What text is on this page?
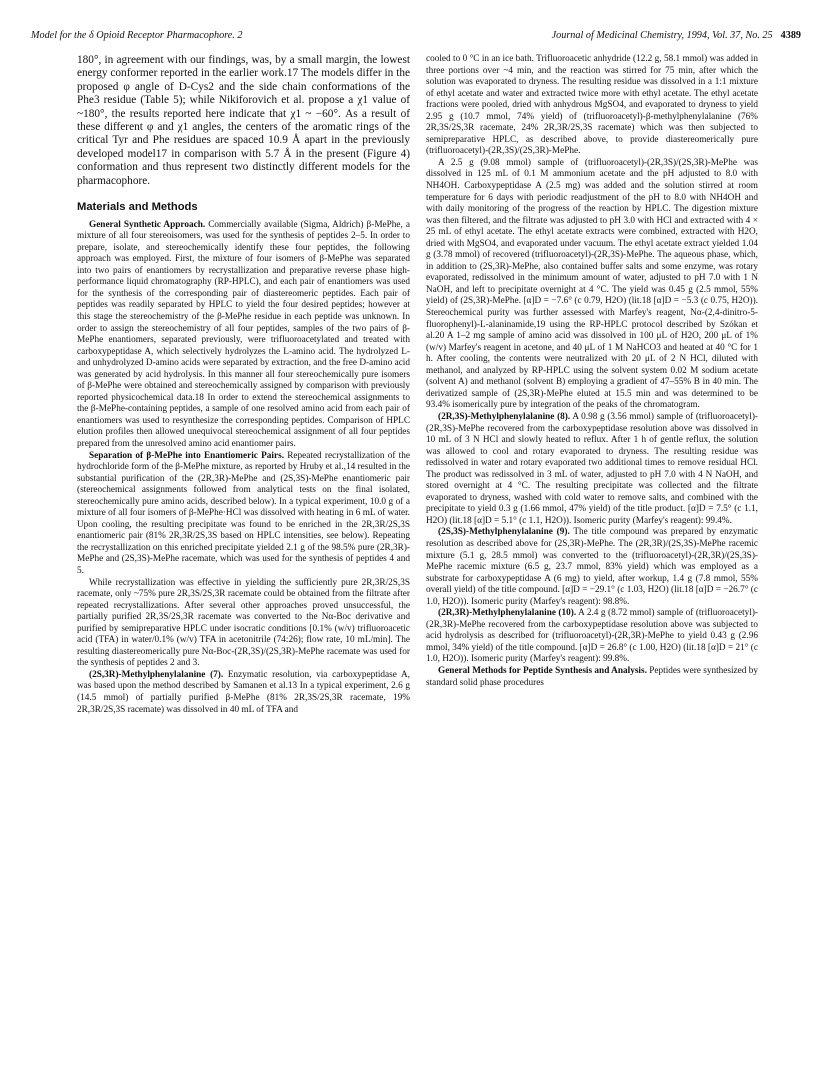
Model for the δ Opioid Receptor Pharmacophore. 2	Journal of Medicinal Chemistry, 1994, Vol. 37, No. 25 4389

180°, in agreement with our findings, was, by a small margin, the lowest energy conformer reported in the earlier work.17 The models differ in the proposed φ angle of D-Cys2 and the side chain conformations of the Phe3 residue (Table 5); while Nikiforovich et al. propose a χ1 value of ~180°, the results reported here indicate that χ1 ~ −60°. As a result of these different φ and χ1 angles, the centers of the aromatic rings of the critical Tyr and Phe residues are spaced 10.9 Å apart in the previously developed model17 in comparison with 5.7 Å in the present (Figure 4) conformation and thus represent two distinctly different models for the pharmacophore.

Materials and Methods

General Synthetic Approach. Commercially available (Sigma, Aldrich) β-MePhe, a mixture of all four stereoisomers, was used for the synthesis of peptides 2–5. In order to prepare, isolate, and stereochemically identify these four peptides, the following approach was employed. First, the mixture of four isomers of β-MePhe was separated into two pairs of enantiomers by recrystallization and preparative reverse phase high-performance liquid chromatography (RP-HPLC), and each pair of enantiomers was used for the synthesis of the corresponding pair of diastereomeric peptides. Each pair of peptides was readily separated by HPLC to yield the four desired peptides; however at this stage the stereochemistry of the β-MePhe residue in each peptide was unknown. In order to assign the stereochemistry of all four peptides, samples of the two pairs of β-MePhe enantiomers, separated previously, were trifluoroacetylated and treated with carboxypeptidase A, which selectively hydrolyzes the L-amino acid. The hydrolyzed L- and unhydrolyzed D-amino acids were separated by extraction, and the free D-amino acid was generated by acid hydrolysis. In this manner all four stereochemically pure isomers of β-MePhe were obtained and stereochemically assigned by comparison with previously reported physicochemical data.18 In order to extend the stereochemical assignments to the β-MePhe-containing peptides, a sample of one resolved amino acid from each pair of enantiomers was used to resynthesize the corresponding peptides. Comparison of HPLC elution profiles then allowed unequivocal stereochemical assignment of all four peptides prepared from the unresolved amino acid enantiomer pairs.

Separation of β-MePhe into Enantiomeric Pairs. Repeated recrystallization of the hydrochloride form of the β-MePhe mixture, as reported by Hruby et al.,14 resulted in the substantial purification of the (2R,3R)-MePhe and (2S,3S)-MePhe enantiomeric pair (stereochemical assignments followed from analytical tests on the final isolated, stereochemically pure amino acids, described below). In a typical experiment, 10.0 g of a mixture of all four isomers of β-MePhe·HCl was dissolved with heating in 6 mL of water. Upon cooling, the resulting precipitate was found to be enriched in the 2R,3R/2S,3S enantiomeric pair (81% 2R,3R/2S,3S based on HPLC intensities, see below). Repeating the recrystallization on this enriched precipitate yielded 2.1 g of the 98.5% pure (2R,3R)-MePhe and (2S,3S)-MePhe racemate, which was used for the synthesis of peptides 4 and 5.

While recrystallization was effective in yielding the sufficiently pure 2R,3R/2S,3S racemate, only ~75% pure 2R,3S/2S,3R racemate could be obtained from the filtrate after repeated recrystallizations. After several other approaches proved unsuccessful, the partially purified 2R,3S/2S,3R racemate was converted to the Nα-Boc derivative and purified by semipreparative HPLC under isocratic conditions [0.1% (w/v) trifluoroacetic acid (TFA) in water/0.1% (w/v) TFA in acetonitrile (74:26); flow rate, 10 mL/min]. The resulting diastereomerically pure Nα-Boc-(2R,3S)/(2S,3R)-MePhe racemate was used for the synthesis of peptides 2 and 3.

(2S,3R)-Methylphenylalanine (7). Enzymatic resolution, via carboxypeptidase A, was based upon the method described by Samanen et al.13 In a typical experiment, 2.6 g (14.5 mmol) of partially purified β-MePhe (81% 2R,3S/2S,3R racemate, 19% 2R,3R/2S,3S racemate) was dissolved in 40 mL of TFA and

cooled to 0 °C in an ice bath. Trifluoroacetic anhydride (12.2 g, 58.1 mmol) was added in three portions over ~4 min, and the reaction was stirred for 75 min, after which the solution was evaporated to dryness. The resulting residue was dissolved in a 1:1 mixture of ethyl acetate and water and extracted twice more with ethyl acetate. The ethyl acetate fractions were pooled, dried with anhydrous MgSO4, and evaporated to dryness to yield 2.95 g (10.7 mmol, 74% yield) of (trifluoroacetyl)-β-methylphenylalanine (76% 2R,3S/2S,3R racemate, 24% 2R,3R/2S,3S racemate) which was then subjected to semipreparative HPLC, as described above, to provide diastereomerically pure (trifluoroacetyl)-(2R,3S)/(2S,3R)-MePhe.

A 2.5 g (9.08 mmol) sample of (trifluoroacetyl)-(2R,3S)/(2S,3R)-MePhe was dissolved in 125 mL of 0.1 M ammonium acetate and the pH adjusted to 8.0 with NH4OH. Carboxypeptidase A (2.5 mg) was added and the solution stirred at room temperature for 6 days with periodic readjustment of the pH to 8.0 with NH4OH and with daily monitoring of the progress of the reaction by HPLC. The digestion mixture was then filtered, and the filtrate was adjusted to pH 3.0 with HCl and extracted with 4 × 25 mL of ethyl acetate. The ethyl acetate extracts were combined, extracted with H2O, dried with MgSO4, and evaporated under vacuum. The ethyl acetate extract yielded 1.04 g (3.78 mmol) of recovered (trifluoroacetyl)-(2R,3S)-MePhe. The aqueous phase, which, in addition to (2S,3R)-MePhe, also contained buffer salts and some enzyme, was rotary evaporated, redissolved in the minimum amount of water, adjusted to pH 7.0 with 1 N NaOH, and left to precipitate overnight at 4 °C. The yield was 0.45 g (2.5 mmol, 55% yield) of (2S,3R)-MePhe. [α]D = −7.6° (c 0.79, H2O) (lit.18 [α]D = −5.3 (c 0.75, H2O)). Stereochemical purity was further assessed with Marfey's reagent, Nα-(2,4-dinitro-5-fluorophenyl)-L-alaninamide,19 using the RP-HPLC protocol described by Szókan et al.20 A 1–2 mg sample of amino acid was dissolved in 100 μL of H2O, 200 μL of 1% (w/v) Marfey's reagent in acetone, and 40 μL of 1 M NaHCO3 and heated at 40 °C for 1 h. After cooling, the contents were neutralized with 20 μL of 2 N HCl, diluted with methanol, and analyzed by RP-HPLC using the solvent system 0.02 M sodium acetate (solvent A) and methanol (solvent B) employing a gradient of 47–55% B in 40 min. The derivatized sample of (2S,3R)-MePhe eluted at 15.5 min and was determined to be 93.4% isomerically pure by integration of the peaks of the chromatogram.

(2R,3S)-Methylphenylalanine (8). A 0.98 g (3.56 mmol) sample of (trifluoroacetyl)-(2R,3S)-MePhe recovered from the carboxypeptidase resolution above was dissolved in 10 mL of 3 N HCl and slowly heated to reflux. After 1 h of gentle reflux, the solution was allowed to cool and rotary evaporated to dryness. The resulting residue was redissolved in water and rotary evaporated two additional times to remove residual HCl. The product was redissolved in 3 mL of water, adjusted to pH 7.0 with 4 N NaOH, and stored overnight at 4 °C. The resulting precipitate was collected and the filtrate evaporated to dryness, washed with cold water to remove salts, and combined with the precipitate to yield 0.3 g (1.66 mmol, 47% yield) of the title product. [α]D = 7.5° (c 1.1, H2O) (lit.18 [α]D = 5.1° (c 1.1, H2O)). Isomeric purity (Marfey's reagent): 99.4%.

(2S,3S)-Methylphenylalanine (9). The title compound was prepared by enzymatic resolution as described above for (2S,3R)-MePhe. The (2R,3R)/(2S,3S)-MePhe racemic mixture (5.1 g, 28.5 mmol) was converted to the (trifluoroacetyl)-(2R,3R)/(2S,3S)-MePhe racemic mixture (6.5 g, 23.7 mmol, 83% yield) which was employed as a substrate for carboxypeptidase A (6 mg) to yield, after workup, 1.4 g (7.8 mmol, 55% overall yield) of the title compound. [α]D = −29.1° (c 1.03, H2O) (lit.18 [α]D = −26.7° (c 1.0, H2O)). Isomeric purity (Marfey's reagent): 98.8%.

(2R,3R)-Methylphenylalanine (10). A 2.4 g (8.72 mmol) sample of (trifluoroacetyl)-(2R,3R)-MePhe recovered from the carboxypeptidase resolution above was subjected to acid hydrolysis as described for (trifluoroacetyl)-(2R,3R)-MePhe to yield 0.43 g (2.96 mmol, 34% yield) of the title compound. [α]D = 26.8° (c 1.00, H2O) (lit.18 [α]D = 21° (c 1.0, H2O)). Isomeric purity (Marfey's reagent): 99.8%.

General Methods for Peptide Synthesis and Analysis. Peptides were synthesized by standard solid phase procedures
